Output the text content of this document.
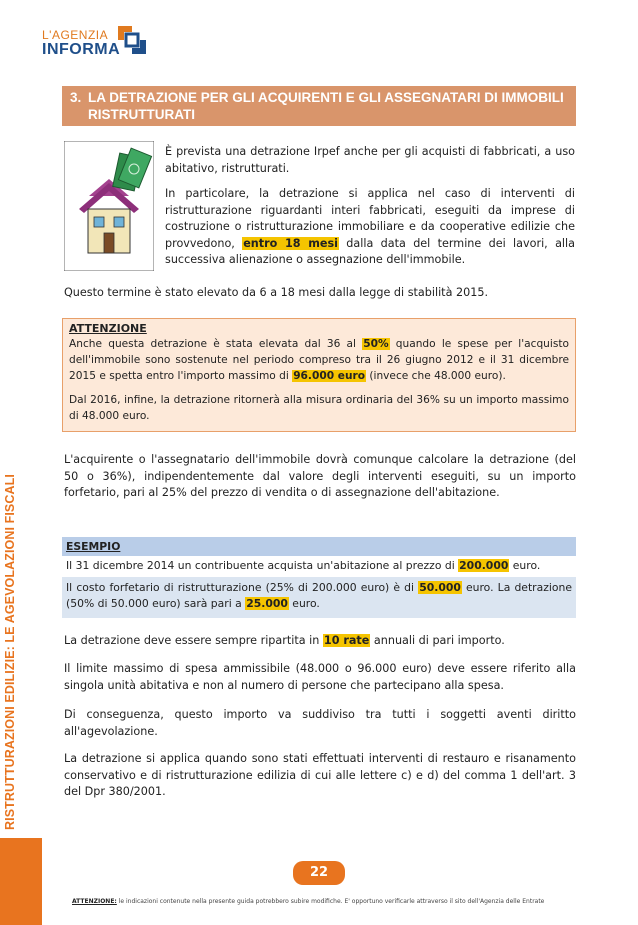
L'AGENZIA
INFORMA
RISTRUTTURAZIONI EDILIZIE: LE AGEVOLAZIONI FISCALI
3. LA DETRAZIONE PER GLI ACQUIRENTI E GLI ASSEGNATARI DI IMMOBILI RISTRUTTURATI

È prevista una detrazione Irpef anche per gli acquisti di fabbricati, a uso abitativo, ristrutturati.

In particolare, la detrazione si applica nel caso di interventi di ristrutturazione riguardanti interi fabbricati, eseguiti da imprese di costruzione o ristrutturazione immobiliare e da cooperative edilizie che provvedono, entro 18 mesi dalla data del termine dei lavori, alla successiva alienazione o assegnazione dell'immobile.

Questo termine è stato elevato da 6 a 18 mesi dalla legge di stabilità 2015.

ATTENZIONE

Anche questa detrazione è stata elevata dal 36 al 50% quando le spese per l'acquisto dell'immobile sono sostenute nel periodo compreso tra il 26 giugno 2012 e il 31 dicembre 2015 e spetta entro l'importo massimo di 96.000 euro (invece che 48.000 euro).

Dal 2016, infine, la detrazione ritornerà alla misura ordinaria del 36% su un importo massimo di 48.000 euro.

L'acquirente o l'assegnatario dell'immobile dovrà comunque calcolare la detrazione (del 50 o 36%), indipendentemente dal valore degli interventi eseguiti, su un importo forfetario, pari al 25% del prezzo di vendita o di assegnazione dell'abitazione.

ESEMPIO
Il 31 dicembre 2014 un contribuente acquista un'abitazione al prezzo di 200.000 euro.
Il costo forfetario di ristrutturazione (25% di 200.000 euro) è di 50.000 euro. La detrazione (50% di 50.000 euro) sarà pari a 25.000 euro.

La detrazione deve essere sempre ripartita in 10 rate annuali di pari importo.

Il limite massimo di spesa ammissibile (48.000 o 96.000 euro) deve essere riferito alla singola unità abitativa e non al numero di persone che partecipano alla spesa.

Di conseguenza, questo importo va suddiviso tra tutti i soggetti aventi diritto all'agevolazione.

La detrazione si applica quando sono stati effettuati interventi di restauro e risanamento conservativo e di ristrutturazione edilizia di cui alle lettere c) e d) del comma 1 dell'art. 3 del Dpr 380/2001.

22
ATTENZIONE: le indicazioni contenute nella presente guida potrebbero subire modifiche. E' opportuno verificarle attraverso il sito dell'Agenzia delle Entrate
